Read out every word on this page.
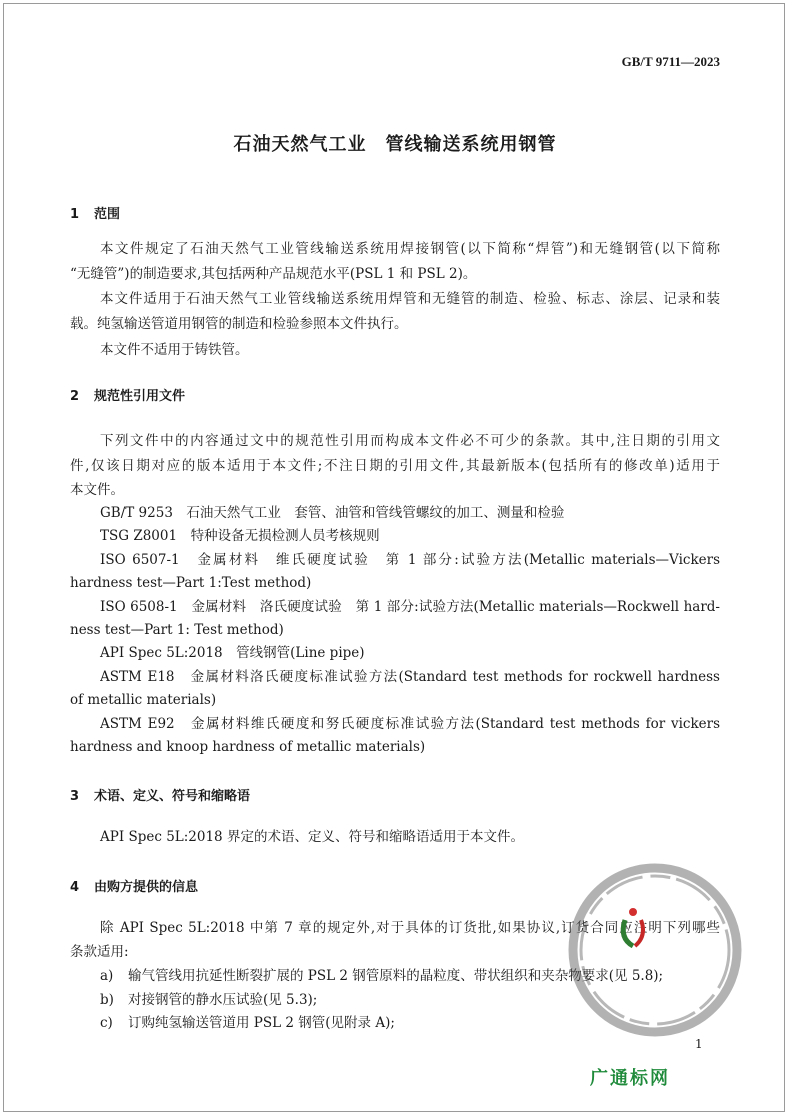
GB/T 9711—2023
石油天然气工业　管线输送系统用钢管
1 范围
本文件规定了石油天然气工业管线输送系统用焊接钢管(以下简称“焊管”)和无缝钢管(以下简称
“无缝管”)的制造要求,其包括两种产品规范水平(PSL 1 和 PSL 2)。
本文件适用于石油天然气工业管线输送系统用焊管和无缝管的制造、检验、标志、涂层、记录和装
载。纯氢输送管道用钢管的制造和检验参照本文件执行。
本文件不适用于铸铁管。
2 规范性引用文件
下列文件中的内容通过文中的规范性引用而构成本文件必不可少的条款。其中,注日期的引用文
件,仅该日期对应的版本适用于本文件;不注日期的引用文件,其最新版本(包括所有的修改单)适用于
本文件。
GB/T 9253　石油天然气工业　套管、油管和管线管螺纹的加工、测量和检验
TSG Z8001　特种设备无损检测人员考核规则
ISO 6507-1　金属材料　维氏硬度试验　第 1 部分:试验方法(Metallic materials—Vickers
hardness test—Part 1:Test method)
ISO 6508-1　金属材料　洛氏硬度试验　第 1 部分:试验方法(Metallic materials—Rockwell hard-
ness test—Part 1: Test method)
API Spec 5L:2018　管线钢管(Line pipe)
ASTM E18　金属材料洛氏硬度标准试验方法(Standard test methods for rockwell hardness
of metallic materials)
ASTM E92　金属材料维氏硬度和努氏硬度标准试验方法(Standard test methods for vickers
hardness and knoop hardness of metallic materials)
3 术语、定义、符号和缩略语
API Spec 5L:2018 界定的术语、定义、符号和缩略语适用于本文件。
4 由购方提供的信息
除 API Spec 5L:2018 中第 7 章的规定外,对于具体的订货批,如果协议,订货合同应注明下列哪些
条款适用:
a) 输气管线用抗延性断裂扩展的 PSL 2 钢管原料的晶粒度、带状组织和夹杂物要求(见 5.8);
b) 对接钢管的静水压试验(见 5.3);
c) 订购纯氢输送管道用 PSL 2 钢管(见附录 A);
广通标网
1
